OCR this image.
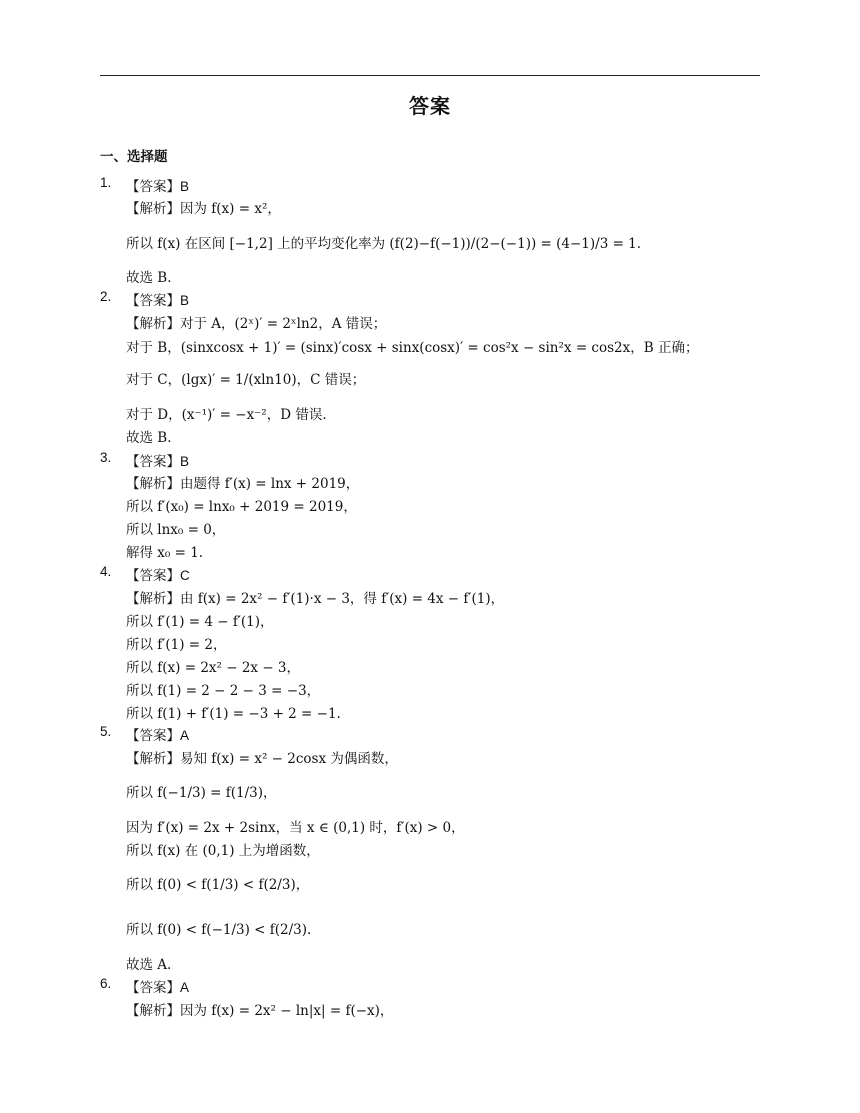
答案
一、选择题
1. 【答案】B
【解析】因为 f(x) = x²，
所以 f(x) 在区间 [−1,2] 上的平均变化率为 (f(2)−f(−1))/(2−(−1)) = (4−1)/3 = 1.
故选 B.
2. 【答案】B
【解析】对于 A，(2ˣ)′ = 2ˣln2，A 错误；
对于 B，(sinxcosx + 1)′ = (sinx)′cosx + sinx(cosx)′ = cos²x − sin²x = cos2x，B 正确；
对于 C，(lgx)′ = 1/(xln10)，C 错误；
对于 D，(x⁻¹)′ = −x⁻²，D 错误.
故选 B.
3. 【答案】B
【解析】由题得 f′(x) = lnx + 2019，
所以 f′(x₀) = lnx₀ + 2019 = 2019，
所以 lnx₀ = 0，
解得 x₀ = 1.
4. 【答案】C
【解析】由 f(x) = 2x² − f′(1)·x − 3，得 f′(x) = 4x − f′(1)，
所以 f′(1) = 4 − f′(1)，
所以 f′(1) = 2，
所以 f(x) = 2x² − 2x − 3，
所以 f(1) = 2 − 2 − 3 = −3，
所以 f(1) + f′(1) = −3 + 2 = −1.
5. 【答案】A
【解析】易知 f(x) = x² − 2cosx 为偶函数，
所以 f(−1/3) = f(1/3)，
因为 f′(x) = 2x + 2sinx，当 x ∈ (0,1) 时，f′(x) > 0，
所以 f(x) 在 (0,1) 上为增函数，
所以 f(0) < f(1/3) < f(2/3)，
所以 f(0) < f(−1/3) < f(2/3).
故选 A.
6. 【答案】A
【解析】因为 f(x) = 2x² − ln|x| = f(−x)，
